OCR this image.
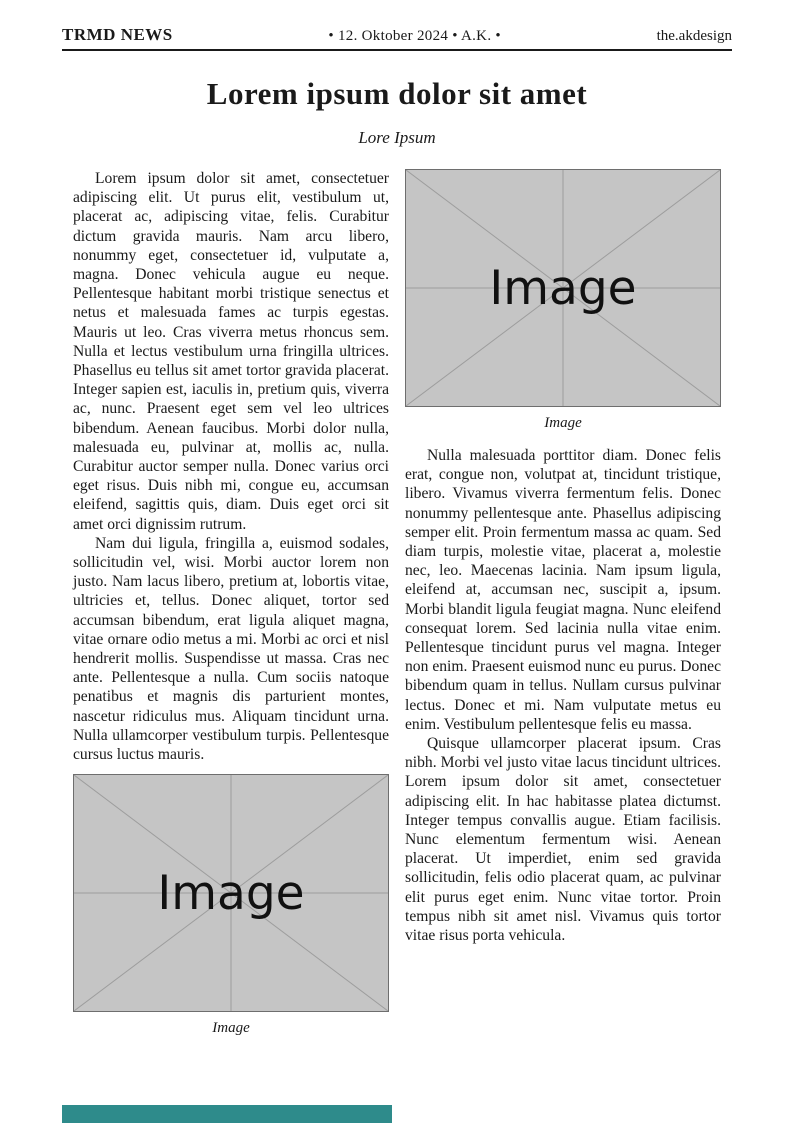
TRMD NEWS	• 12. Oktober 2024 • A.K. •	the.akdesign
Lorem ipsum dolor sit amet
Lore Ipsum

Lorem ipsum dolor sit amet, consectetuer adipiscing elit. Ut purus elit, vestibulum ut, placerat ac, adipiscing vitae, felis. Curabitur dictum gravida mauris. Nam arcu libero, nonummy eget, consectetuer id, vulputate a, magna. Donec vehicula augue eu neque. Pellentesque habitant morbi tristique senectus et netus et malesuada fames ac turpis egestas. Mauris ut leo. Cras viverra metus rhoncus sem. Nulla et lectus vestibulum urna fringilla ultrices. Phasellus eu tellus sit amet tortor gravida placerat. Integer sapien est, iaculis in, pretium quis, viverra ac, nunc. Praesent eget sem vel leo ultrices bibendum. Aenean faucibus. Morbi dolor nulla, malesuada eu, pulvinar at, mollis ac, nulla. Curabitur auctor semper nulla. Donec varius orci eget risus. Duis nibh mi, congue eu, accumsan eleifend, sagittis quis, diam. Duis eget orci sit amet orci dignissim rutrum.

Nam dui ligula, fringilla a, euismod sodales, sollicitudin vel, wisi. Morbi auctor lorem non justo. Nam lacus libero, pretium at, lobortis vitae, ultricies et, tellus. Donec aliquet, tortor sed accumsan bibendum, erat ligula aliquet magna, vitae ornare odio metus a mi. Morbi ac orci et nisl hendrerit mollis. Suspendisse ut massa. Cras nec ante. Pellentesque a nulla. Cum sociis natoque penatibus et magnis dis parturient montes, nascetur ridiculus mus. Aliquam tincidunt urna. Nulla ullamcorper vestibulum turpis. Pellentesque cursus luctus mauris.

Image
Image
Image
Image

Nulla malesuada porttitor diam. Donec felis erat, congue non, volutpat at, tincidunt tristique, libero. Vivamus viverra fermentum felis. Donec nonummy pellentesque ante. Phasellus adipiscing semper elit. Proin fermentum massa ac quam. Sed diam turpis, molestie vitae, placerat a, molestie nec, leo. Maecenas lacinia. Nam ipsum ligula, eleifend at, accumsan nec, suscipit a, ipsum. Morbi blandit ligula feugiat magna. Nunc eleifend consequat lorem. Sed lacinia nulla vitae enim. Pellentesque tincidunt purus vel magna. Integer non enim. Praesent euismod nunc eu purus. Donec bibendum quam in tellus. Nullam cursus pulvinar lectus. Donec et mi. Nam vulputate metus eu enim. Vestibulum pellentesque felis eu massa.

Quisque ullamcorper placerat ipsum. Cras nibh. Morbi vel justo vitae lacus tincidunt ultrices. Lorem ipsum dolor sit amet, consectetuer adipiscing elit. In hac habitasse platea dictumst. Integer tempus convallis augue. Etiam facilisis. Nunc elementum fermentum wisi. Aenean placerat. Ut imperdiet, enim sed gravida sollicitudin, felis odio placerat quam, ac pulvinar elit purus eget enim. Nunc vitae tortor. Proin tempus nibh sit amet nisl. Vivamus quis tortor vitae risus porta vehicula.
